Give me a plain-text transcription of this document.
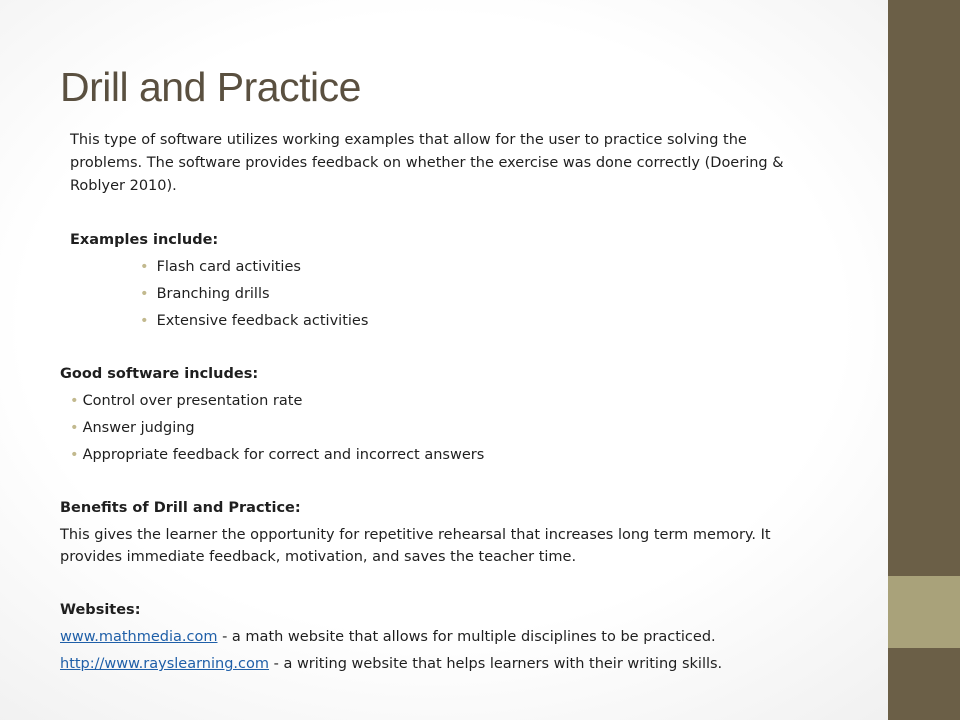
Drill and Practice
This type of software utilizes working examples that allow for the user to practice solving the
problems. The software provides feedback on whether the exercise was done correctly (Doering &
Roblyer 2010).
Examples include:
• Flash card activities
• Branching drills
• Extensive feedback activities
Good software includes:
• Control over presentation rate
• Answer judging
• Appropriate feedback for correct and incorrect answers
Benefits of Drill and Practice:
This gives the learner the opportunity for repetitive rehearsal that increases long term memory. It
provides immediate feedback, motivation, and saves the teacher time.
Websites:
www.mathmedia.com - a math website that allows for multiple disciplines to be practiced.
http://www.rayslearning.com - a writing website that helps learners with their writing skills.
